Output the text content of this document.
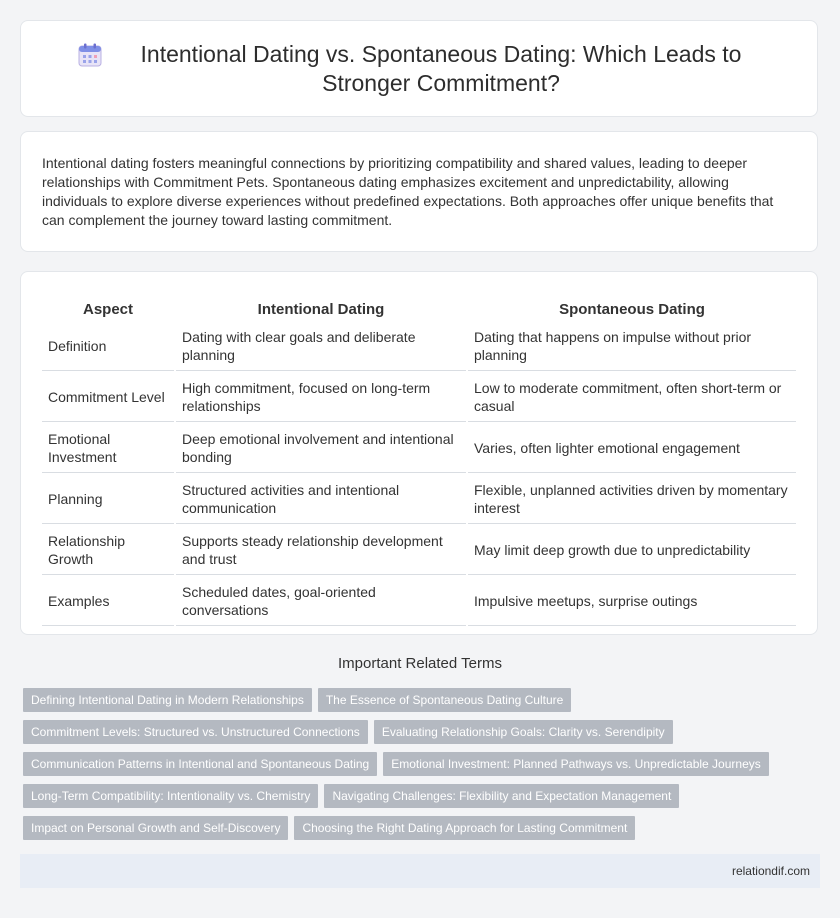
Intentional Dating vs. Spontaneous Dating: Which Leads to Stronger Commitment?

Intentional dating fosters meaningful connections by prioritizing compatibility and shared values, leading to deeper relationships with Commitment Pets. Spontaneous dating emphasizes excitement and unpredictability, allowing individuals to explore diverse experiences without predefined expectations. Both approaches offer unique benefits that can complement the journey toward lasting commitment.

Aspect	Intentional Dating	Spontaneous Dating
Definition	Dating with clear goals and deliberate planning	Dating that happens on impulse without prior planning
Commitment Level	High commitment, focused on long-term relationships	Low to moderate commitment, often short-term or casual
Emotional Investment	Deep emotional involvement and intentional bonding	Varies, often lighter emotional engagement
Planning	Structured activities and intentional communication	Flexible, unplanned activities driven by momentary interest
Relationship Growth	Supports steady relationship development and trust	May limit deep growth due to unpredictability
Examples	Scheduled dates, goal-oriented conversations	Impulsive meetups, surprise outings
Important Related Terms
Defining Intentional Dating in Modern Relationships	The Essence of Spontaneous Dating Culture
Commitment Levels: Structured vs. Unstructured Connections	Evaluating Relationship Goals: Clarity vs. Serendipity
Communication Patterns in Intentional and Spontaneous Dating	Emotional Investment: Planned Pathways vs. Unpredictable Journeys
Long-Term Compatibility: Intentionality vs. Chemistry	Navigating Challenges: Flexibility and Expectation Management
Impact on Personal Growth and Self-Discovery	Choosing the Right Dating Approach for Lasting Commitment
relationdif.com
